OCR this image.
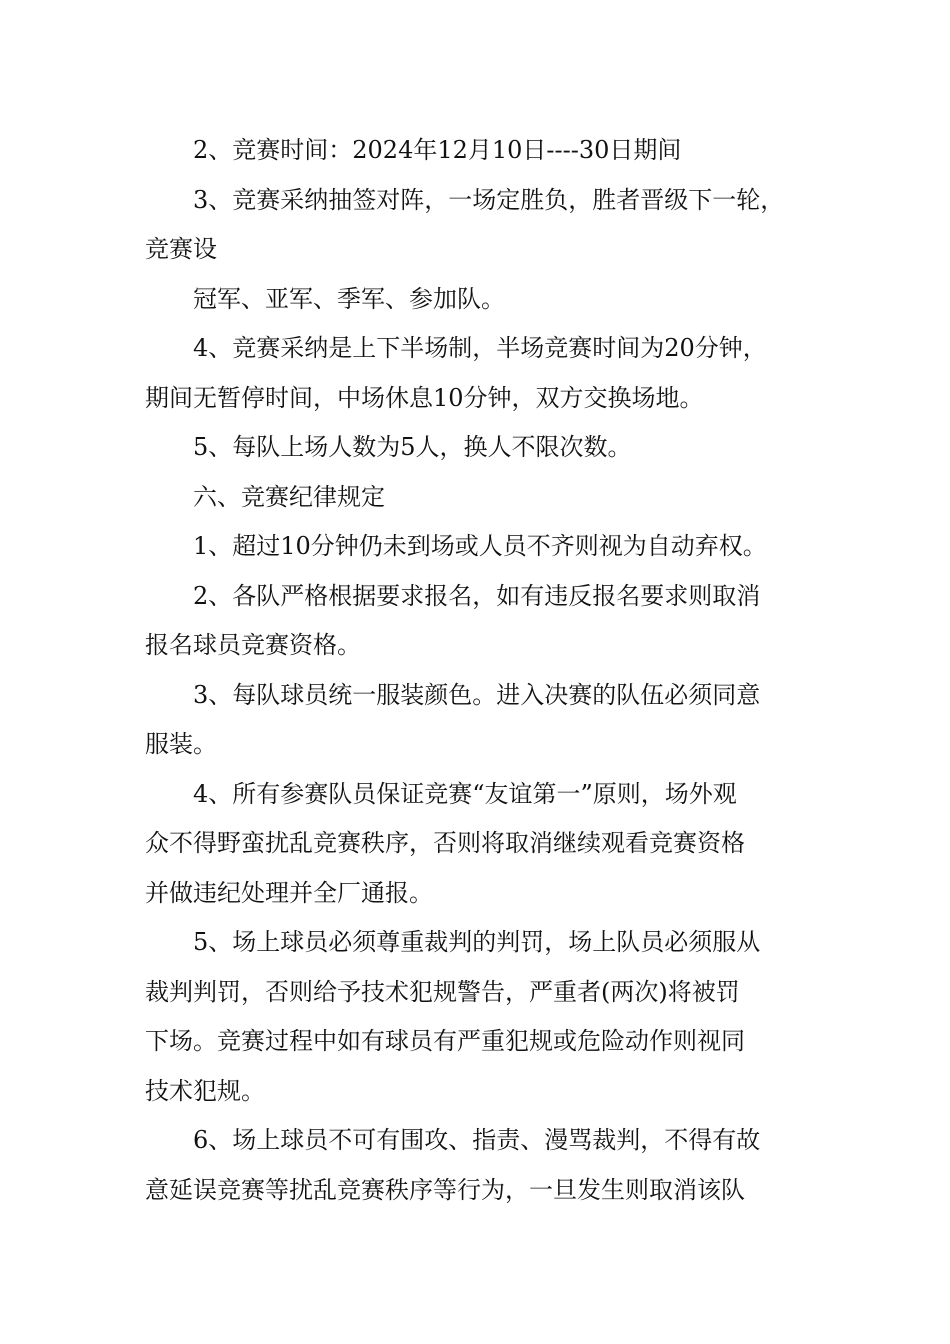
2、竞赛时间：2024年12月10日----30日期间
3、竞赛采纳抽签对阵，一场定胜负，胜者晋级下一轮，
竞赛设
冠军、亚军、季军、参加队。
4、竞赛采纳是上下半场制，半场竞赛时间为20分钟，
期间无暂停时间，中场休息10分钟，双方交换场地。
5、每队上场人数为5人，换人不限次数。
六、竞赛纪律规定
1、超过10分钟仍未到场或人员不齐则视为自动弃权。
2、各队严格根据要求报名，如有违反报名要求则取消
报名球员竞赛资格。
3、每队球员统一服装颜色。进入决赛的队伍必须同意
服装。
4、所有参赛队员保证竞赛“友谊第一”原则，场外观
众不得野蛮扰乱竞赛秩序，否则将取消继续观看竞赛资格
并做违纪处理并全厂通报。
5、场上球员必须尊重裁判的判罚，场上队员必须服从
裁判判罚，否则给予技术犯规警告，严重者(两次)将被罚
下场。竞赛过程中如有球员有严重犯规或危险动作则视同
技术犯规。
6、场上球员不可有围攻、指责、漫骂裁判，不得有故
意延误竞赛等扰乱竞赛秩序等行为，一旦发生则取消该队
